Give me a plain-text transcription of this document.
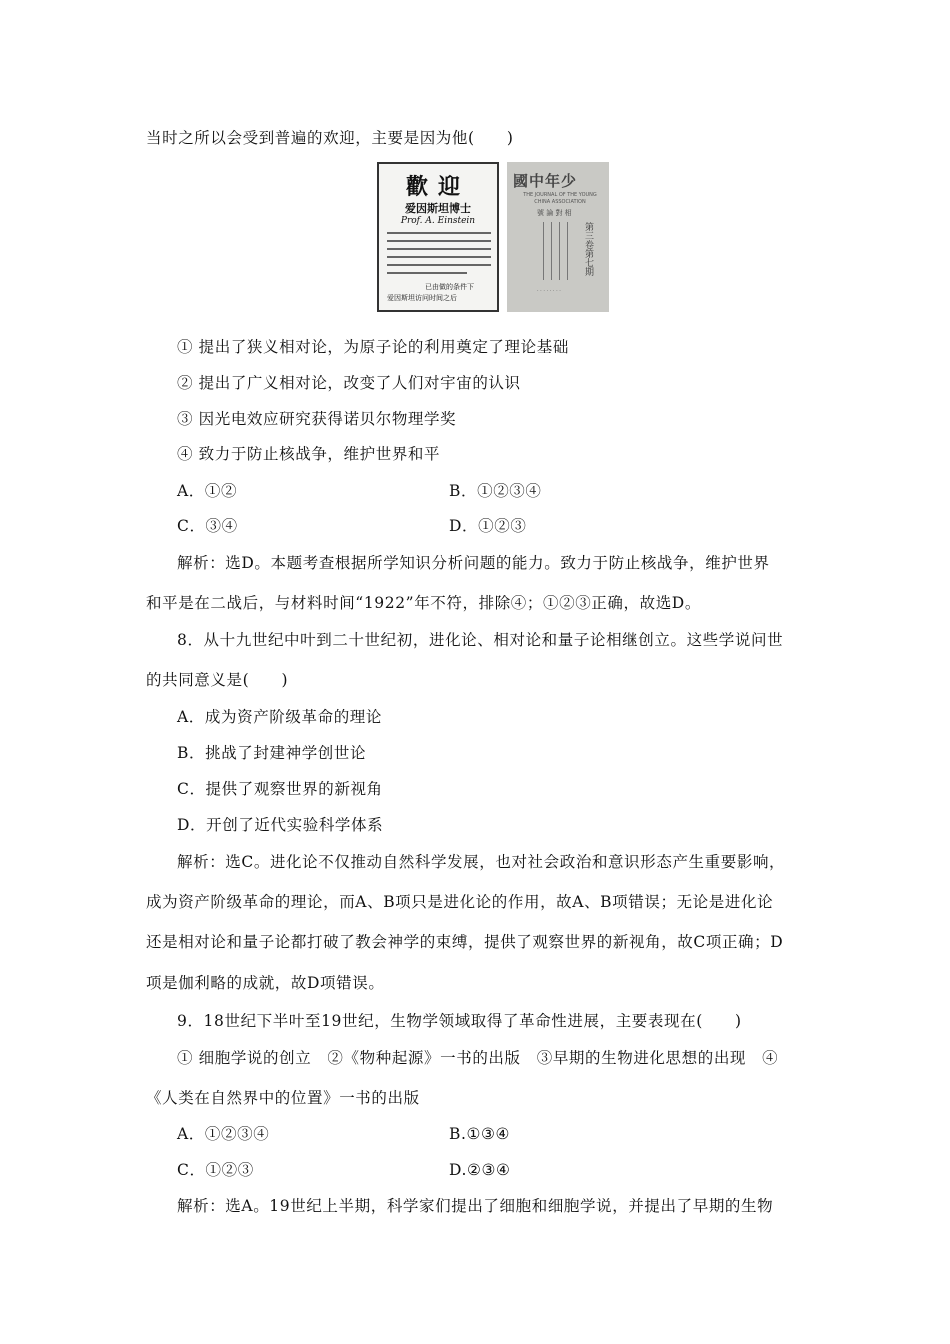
当时之所以会受到普遍的欢迎，主要是因为他(　　)
歡迎
爱因斯坦博士
Prof. A. Einstein
已由做的条件下
爱因斯坦访问时间之后
國中年少
THE JOURNAL OF THE YOUNG CHINA ASSOCIATION
號 論 對 相
第三卷第七期
· · · · · · · ·
① 提出了狭义相对论，为原子论的利用奠定了理论基础
② 提出了广义相对论，改变了人们对宇宙的认识
③ 因光电效应研究获得诺贝尔物理学奖
④ 致力于防止核战争，维护世界和平
A．①②	B．①②③④
C．③④	D．①②③
解析：选D。本题考查根据所学知识分析问题的能力。致力于防止核战争，维护世界
和平是在二战后，与材料时间“1922”年不符，排除④；①②③正确，故选D。
8．从十九世纪中叶到二十世纪初，进化论、相对论和量子论相继创立。这些学说问世
的共同意义是(　　)
A．成为资产阶级革命的理论
B．挑战了封建神学创世论
C．提供了观察世界的新视角
D．开创了近代实验科学体系
解析：选C。进化论不仅推动自然科学发展，也对社会政治和意识形态产生重要影响，
成为资产阶级革命的理论，而A、B项只是进化论的作用，故A、B项错误；无论是进化论
还是相对论和量子论都打破了教会神学的束缚，提供了观察世界的新视角，故C项正确；D
项是伽利略的成就，故D项错误。
9．18世纪下半叶至19世纪，生物学领域取得了革命性进展，主要表现在(　　)
① 细胞学说的创立　②《物种起源》一书的出版　③早期的生物进化思想的出现　④
《人类在自然界中的位置》一书的出版
A．①②③④	B.①③④
C．①②③	D.②③④
解析：选A。19世纪上半期，科学家们提出了细胞和细胞学说，并提出了早期的生物
